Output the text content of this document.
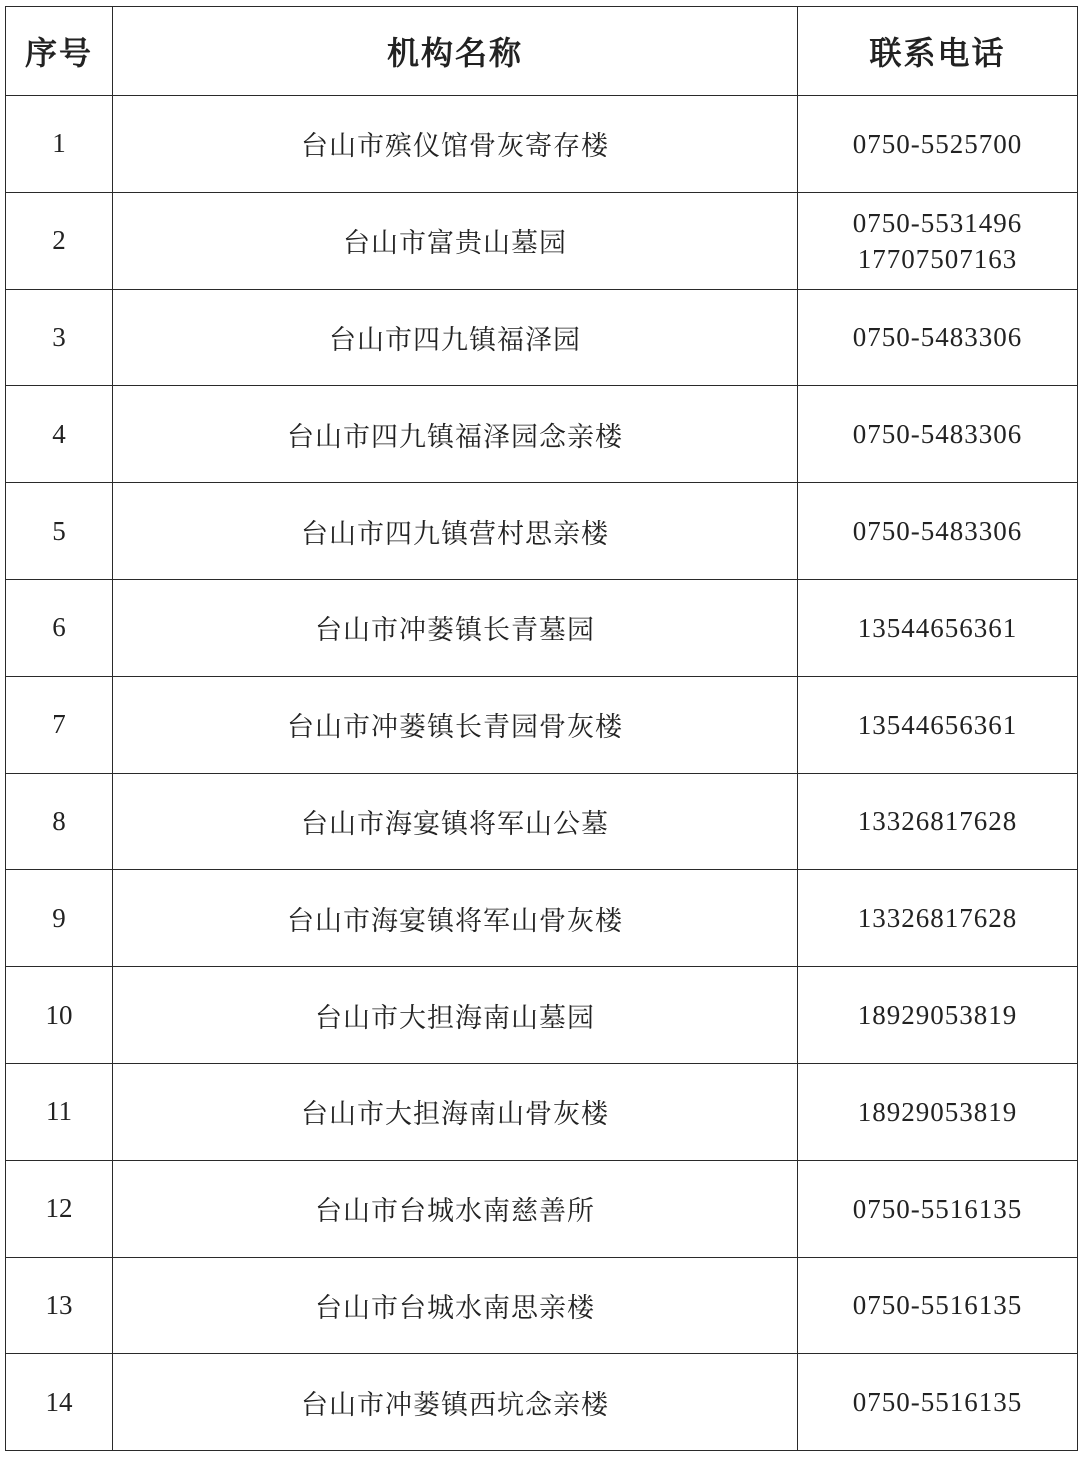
序号	机构名称	联系电话
1	台山市殡仪馆骨灰寄存楼	0750-5525700

2	台山市富贵山墓园	0750-5531496
17707507163

3	台山市四九镇福泽园	0750-5483306

4	台山市四九镇福泽园念亲楼	0750-5483306

5	台山市四九镇营村思亲楼	0750-5483306

6	台山市冲蒌镇长青墓园	13544656361

7	台山市冲蒌镇长青园骨灰楼	13544656361

8	台山市海宴镇将军山公墓	13326817628

9	台山市海宴镇将军山骨灰楼	13326817628

10	台山市大担海南山墓园	18929053819

11	台山市大担海南山骨灰楼	18929053819

12	台山市台城水南慈善所	0750-5516135

13	台山市台城水南思亲楼	0750-5516135

14	台山市冲蒌镇西坑念亲楼	0750-5516135
